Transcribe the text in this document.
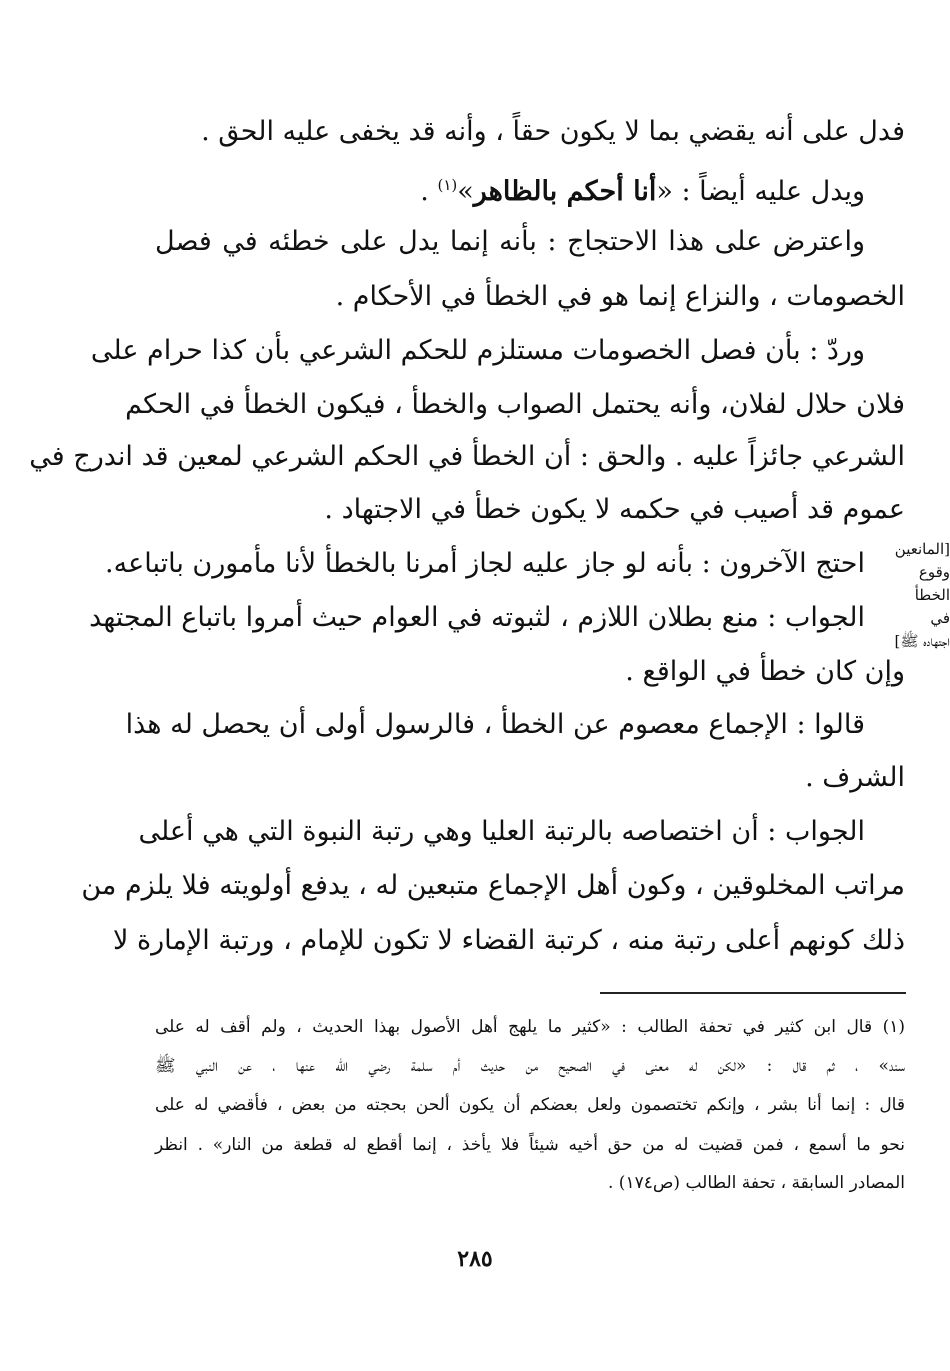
فدل على أنه يقضي بما لا يكون حقاً ، وأنه قد يخفى عليه الحق .
ويدل عليه أيضاً : «أنا أحكم بالظاهر»$^{(١)}$ .
واعترض على هذا الاحتجاج : بأنه إنما يدل على خطئه في فصل
الخصومات ، والنزاع إنما هو في الخطأ في الأحكام .
وردّ : بأن فصل الخصومات مستلزم للحكم الشرعي بأن كذا حرام على
فلان حلال لفلان، وأنه يحتمل الصواب والخطأ ، فيكون الخطأ في الحكم
الشرعي جائزاً عليه . والحق : أن الخطأ في الحكم الشرعي لمعين قد اندرج في
عموم قد أصيب في حكمه لا يكون خطأ في الاجتهاد .
احتج الآخرون : بأنه لو جاز عليه لجاز أمرنا بالخطأ لأنا مأمورن باتباعه.
الجواب : منع بطلان اللازم ، لثبوته في العوام حيث أمروا باتباع المجتهد
وإن كان خطأ في الواقع .
قالوا : الإجماع معصوم عن الخطأ ، فالرسول أولى أن يحصل له هذا
الشرف .
الجواب : أن اختصاصه بالرتبة العليا وهي رتبة النبوة التي هي أعلى
مراتب المخلوقين ، وكون أهل الإجماع متبعين له ، يدفع أولويته فلا يلزم من
ذلك كونهم أعلى رتبة منه ، كرتبة القضاء لا تكون للإمام ، ورتبة الإمارة لا
[المانعين
وقوع
الخطأ في
اجتهاده ﷺ]
(١) قال ابن كثير في تحفة الطالب : «كثير ما يلهج أهل الأصول بهذا الحديث ، ولم أقف له على
سند» ، ثم قال : «لكن له معنى في الصحيح من حديث أم سلمة رضي الله عنها ، عن النبي ﷺ
قال : إنما أنا بشر ، وإنكم تختصمون ولعل بعضكم أن يكون ألحن بحجته من بعض ، فأقضي له على
نحو ما أسمع ، فمن قضيت له من حق أخيه شيئاً فلا يأخذ ، إنما أقطع له قطعة من النار» . انظر
المصادر السابقة ، تحفة الطالب (ص١٧٤) .
٢٨٥
